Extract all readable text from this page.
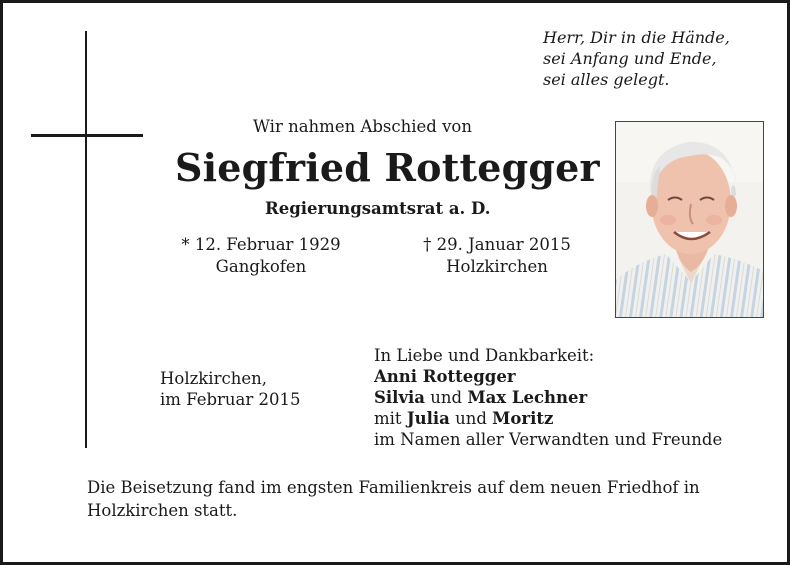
Herr, Dir in die Hände,
sei Anfang und Ende,
sei alles gelegt.
Wir nahmen Abschied von
Siegfried Rottegger
Regierungsamtsrat a. D.
* 12. Februar 1929
Gangkofen
† 29. Januar 2015
Holzkirchen
Holzkirchen,
im Februar 2015
In Liebe und Dankbarkeit:
Anni Rottegger
Silvia und Max Lechner
mit Julia und Moritz
im Namen aller Verwandten und Freunde
Die Beisetzung fand im engsten Familienkreis auf dem neuen Friedhof in Holzkirchen statt.
